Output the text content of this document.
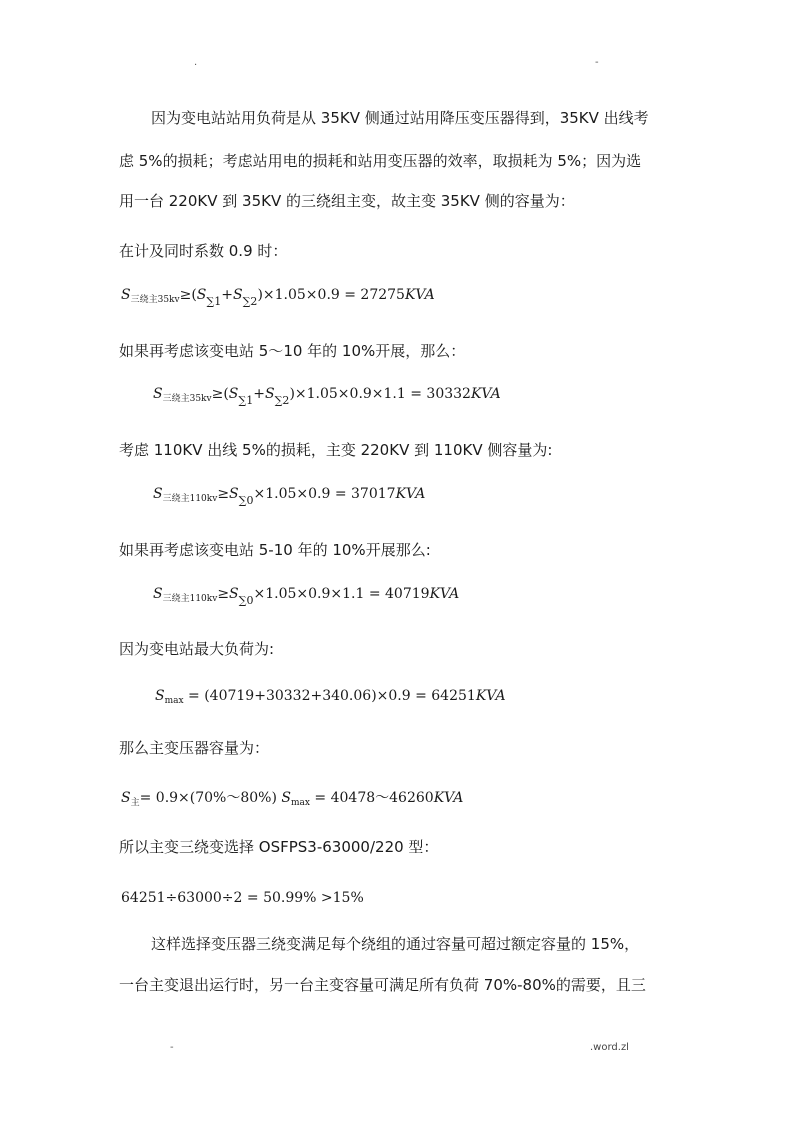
.	-
因为变电站站用负荷是从 35KV 侧通过站用降压变压器得到，35KV 出线考
虑 5%的损耗；考虑站用电的损耗和站用变压器的效率，取损耗为 5%；因为选
用一台 220KV 到 35KV 的三绕组主变，故主变 35KV 侧的容量为：
在计及同时系数 0.9 时：
$S_{三绕主35kv}\ge(S_{\sum 1}+S_{\sum 2})\times 1.05\times 0.9 = 27275KVA$
如果再考虑该变电站 5～10 年的 10%开展，那么：
$S_{三绕主35kv}\ge(S_{\sum 1}+S_{\sum 2})\times 1.05\times 0.9\times 1.1 = 30332KVA$
考虑 110KV 出线 5%的损耗，主变 220KV 到 110KV 侧容量为:
$S_{三绕主110kv}\ge S_{\sum 0}\times 1.05\times 0.9 = 37017KVA$
如果再考虑该变电站 5-10 年的 10%开展那么:
$S_{三绕主110kv}\ge S_{\sum 0}\times 1.05\times 0.9\times 1.1 = 40719KVA$
因为变电站最大负荷为:
$S_{max} = (40719+30332+340.06)\times 0.9 = 64251KVA$
那么主变压器容量为：
$S_主=$ 0.9×(70%～80%) $S_{max}$ = 40478～46260KVA
所以主变三绕变选择 OSFPS3-63000/220 型：
64251÷63000÷2 = 50.99% >15%
这样选择变压器三绕变满足每个绕组的通过容量可超过额定容量的 15%，
一台主变退出运行时，另一台主变容量可满足所有负荷 70%-80%的需要，且三
-	.word.zl
